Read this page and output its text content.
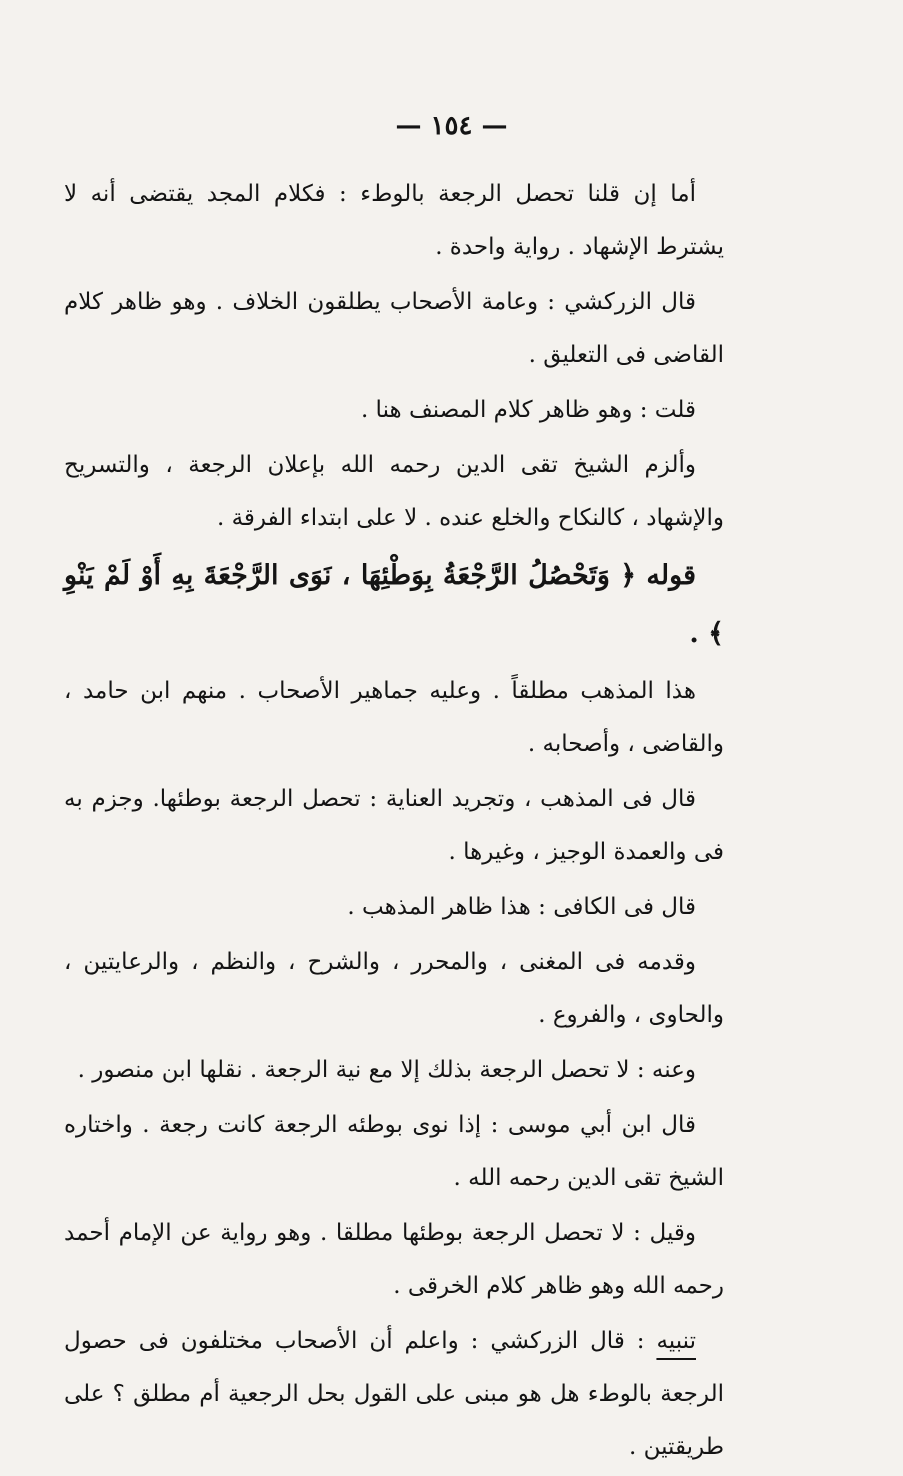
— ١٥٤ —

أما إن قلنا تحصل الرجعة بالوطء : فكلام المجد يقتضى أنه لا يشترط الإشهاد . رواية واحدة .

قال الزركشي : وعامة الأصحاب يطلقون الخلاف . وهو ظاهر كلام القاضى فى التعليق .

قلت : وهو ظاهر كلام المصنف هنا .

وألزم الشيخ تقى الدين رحمه الله بإعلان الرجعة ، والتسريح والإشهاد ، كالنكاح والخلع عنده . لا على ابتداء الفرقة .

قوله ﴿ وَتَحْصُلُ الرَّجْعَةُ بِوَطْئِهَا ، نَوَى الرَّجْعَةَ بِهِ أَوْ لَمْ يَنْوِ ﴾ .

هذا المذهب مطلقاً . وعليه جماهير الأصحاب . منهم ابن حامد ، والقاضى ، وأصحابه .

قال فى المذهب ، وتجريد العناية : تحصل الرجعة بوطئها. وجزم به فى والعمدة الوجيز ، وغيرها .

قال فى الكافى : هذا ظاهر المذهب .

وقدمه فى المغنى ، والمحرر ، والشرح ، والنظم ، والرعايتين ، والحاوى ، والفروع .

وعنه : لا تحصل الرجعة بذلك إلا مع نية الرجعة . نقلها ابن منصور .

قال ابن أبي موسى : إذا نوى بوطئه الرجعة كانت رجعة . واختاره الشيخ تقى الدين رحمه الله .

وقيل : لا تحصل الرجعة بوطئها مطلقا . وهو رواية عن الإمام أحمد رحمه الله وهو ظاهر كلام الخرقى .

تنبيه : قال الزركشي : واعلم أن الأصحاب مختلفون فى حصول الرجعة بالوطء هل هو مبنى على القول بحل الرجعية أم مطلق ؟ على طريقتين .
